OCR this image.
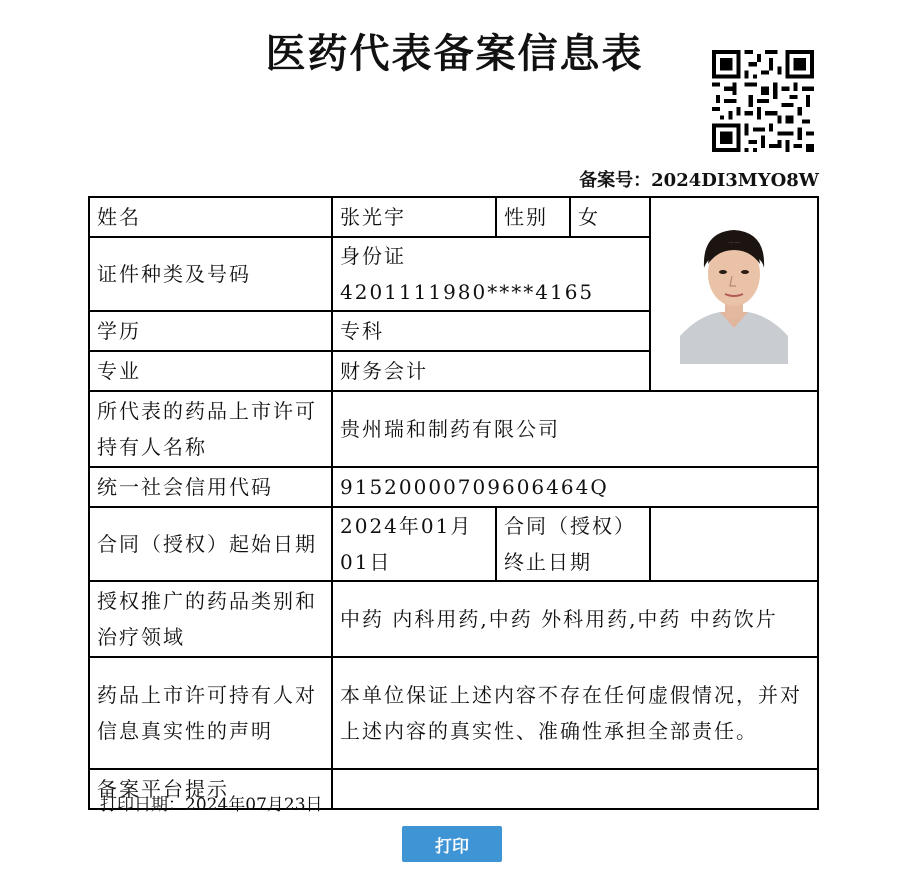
医药代表备案信息表
备案号：2024DI3MYO8W
姓名	张光宇	性别	女	

证件种类及号码	身份证 4201111980****4165			
学历	专科			
专业	财务会计			
所代表的药品上市许可持有人名称	贵州瑞和制药有限公司			
统一社会信用代码	91520000709606464Q			
合同（授权）起始日期	2024年01月01日	合同（授权）终止日期		
授权推广的药品类别和治疗领域	中药 内科用药,中药 外科用药,中药 中药饮片			
药品上市许可持有人对信息真实性的声明	本单位保证上述内容不存在任何虚假情况，并对上述内容的真实性、准确性承担全部责任。			
备案平台提示				
打印日期：2024年07月23日
打印
